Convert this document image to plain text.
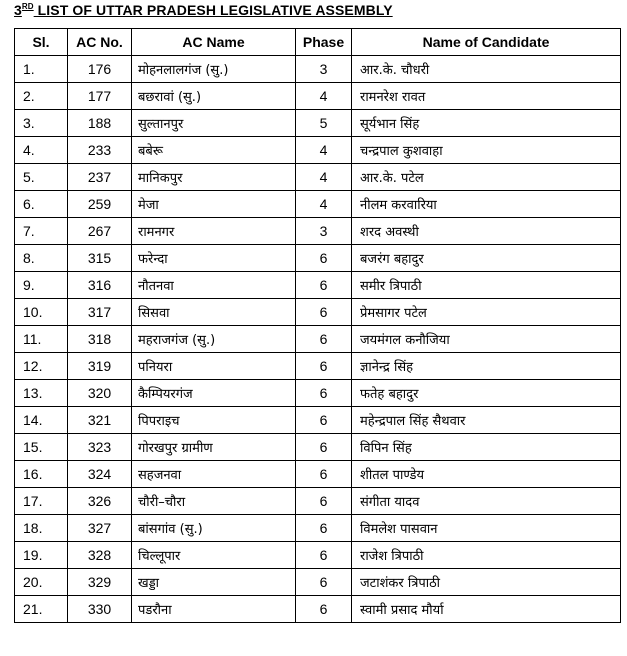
3RD LIST OF UTTAR PRADESH LEGISLATIVE ASSEMBLY
Sl.	AC No.	AC Name	Phase	Name of Candidate
1.	176	मोहनलालगंज (सु.)	3	आर.के. चौधरी
2.	177	बछरावां (सु.)	4	रामनरेश रावत
3.	188	सुल्तानपुर	5	सूर्यभान सिंह
4.	233	बबेरू	4	चन्द्रपाल कुशवाहा
5.	237	मानिकपुर	4	आर.के. पटेल
6.	259	मेजा	4	नीलम करवारिया
7.	267	रामनगर	3	शरद अवस्थी
8.	315	फरेन्दा	6	बजरंग बहादुर
9.	316	नौतनवा	6	समीर त्रिपाठी
10.	317	सिसवा	6	प्रेमसागर पटेल
11.	318	महराजगंज (सु.)	6	जयमंगल कनौजिया
12.	319	पनियरा	6	ज्ञानेन्द्र सिंह
13.	320	कैम्पियरगंज	6	फतेह बहादुर
14.	321	पिपराइच	6	महेन्द्रपाल सिंह सैथवार
15.	323	गोरखपुर ग्रामीण	6	विपिन सिंह
16.	324	सहजनवा	6	शीतल पाण्डेय
17.	326	चौरी–चौरा	6	संगीता यादव
18.	327	बांसगांव (सु.)	6	विमलेश पासवान
19.	328	चिल्लूपार	6	राजेश त्रिपाठी
20.	329	खड्डा	6	जटाशंकर त्रिपाठी
21.	330	पडरौना	6	स्वामी प्रसाद मौर्या
